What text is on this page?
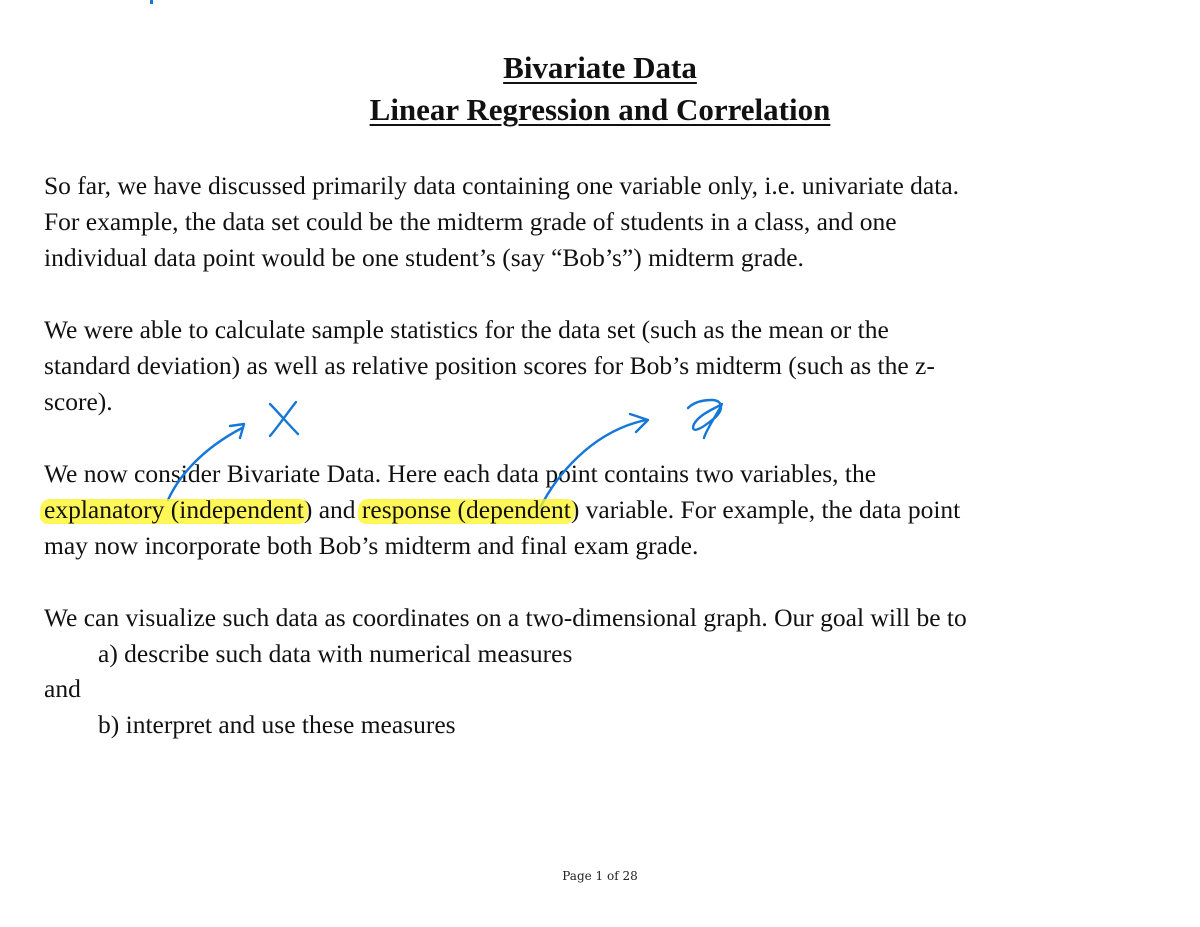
Bivariate Data
Linear Regression and Correlation
So far, we have discussed primarily data containing one variable only, i.e. univariate data.
For example, the data set could be the midterm grade of students in a class, and one
individual data point would be one student’s (say “Bob’s”) midterm grade.
We were able to calculate sample statistics for the data set (such as the mean or the
standard deviation) as well as relative position scores for Bob’s midterm (such as the z-
score).
We now consider Bivariate Data. Here each data point contains two variables, the
explanatory (independent) and response (dependent) variable. For example, the data point
may now incorporate both Bob’s midterm and final exam grade.
We can visualize such data as coordinates on a two-dimensional graph. Our goal will be to
a) describe such data with numerical measures
and
b) interpret and use these measures
Page 1 of 28
